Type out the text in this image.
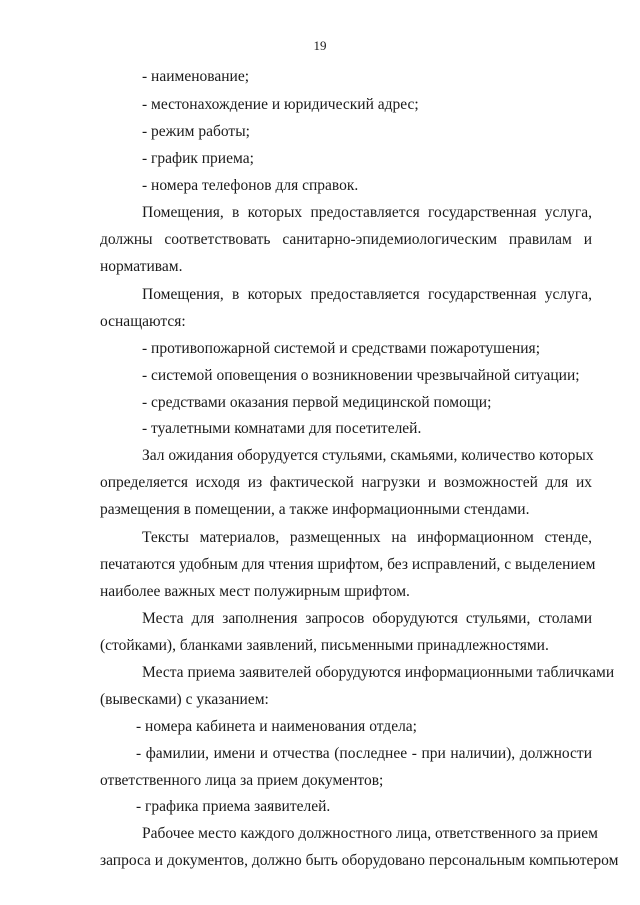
19
- наименование;
- местонахождение и юридический адрес;
- режим работы;
- график приема;
- номера телефонов для справок.
Помещения, в которых предоставляется государственная услуга,
должны соответствовать санитарно-эпидемиологическим правилам и
нормативам.
Помещения, в которых предоставляется государственная услуга,
оснащаются:
- противопожарной системой и средствами пожаротушения;
- системой оповещения о возникновении чрезвычайной ситуации;
- средствами оказания первой медицинской помощи;
- туалетными комнатами для посетителей.
Зал ожидания оборудуется стульями, скамьями, количество которых
определяется исходя из фактической нагрузки и возможностей для их
размещения в помещении, а также информационными стендами.
Тексты материалов, размещенных на информационном стенде,
печатаются удобным для чтения шрифтом, без исправлений, с выделением
наиболее важных мест полужирным шрифтом.
Места для заполнения запросов оборудуются стульями, столами
(стойками), бланками заявлений, письменными принадлежностями.
Места приема заявителей оборудуются информационными табличками
(вывесками) с указанием:
- номера кабинета и наименования отдела;
- фамилии, имени и отчества (последнее - при наличии), должности
ответственного лица за прием документов;
- графика приема заявителей.
Рабочее место каждого должностного лица, ответственного за прием
запроса и документов, должно быть оборудовано персональным компьютером
